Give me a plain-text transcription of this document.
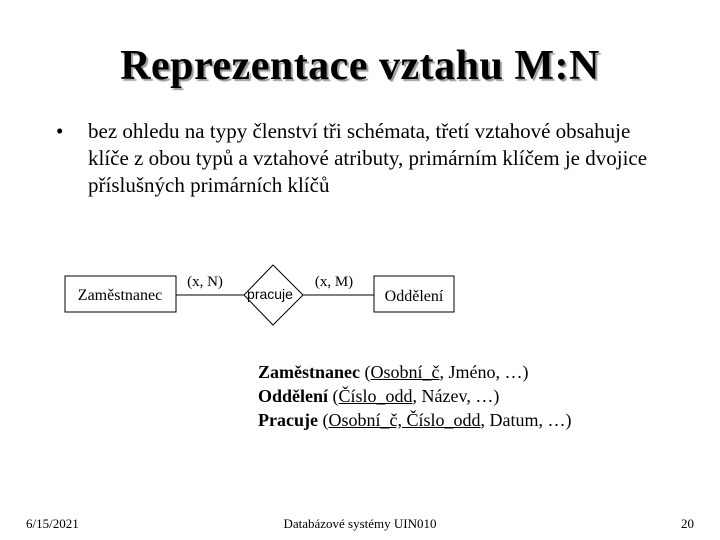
Reprezentace vztahu M:N
• bez ohledu na typy členství tři schémata, třetí vztahové obsahuje klíče z obou typů a vztahové atributy, primárním klíčem je dvojice příslušných primárních klíčů
Zaměstnanec	pracuje	Oddělení
(x, N)	(x, M)
Zaměstnanec (Osobní_č, Jméno, …)
Oddělení (Číslo_odd, Název, …)
Pracuje (Osobní_č, Číslo_odd, Datum, …)
6/15/2021	Databázové systémy UIN010	20
